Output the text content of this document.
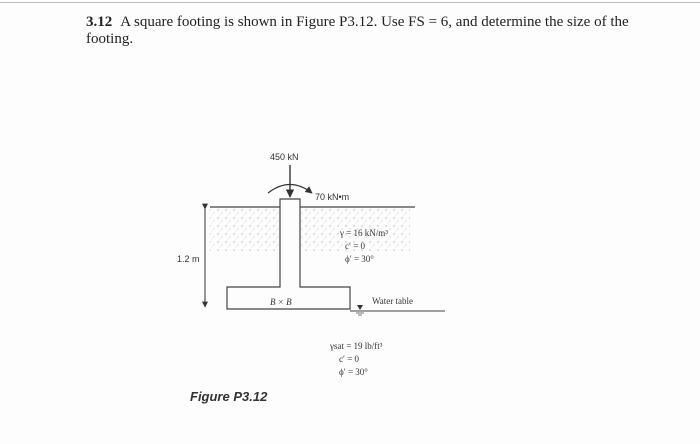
3.12 A square footing is shown in Figure P3.12. Use FS = 6, and determine the size of the footing.
450 kN
70 kN•m
1.2 m
B × B	Water table
γ = 16 kN/m³
c′ = 0
ϕ′ = 30°
γsat = 19 lb/ft³
c′ = 0
ϕ′ = 30°
Figure P3.12
